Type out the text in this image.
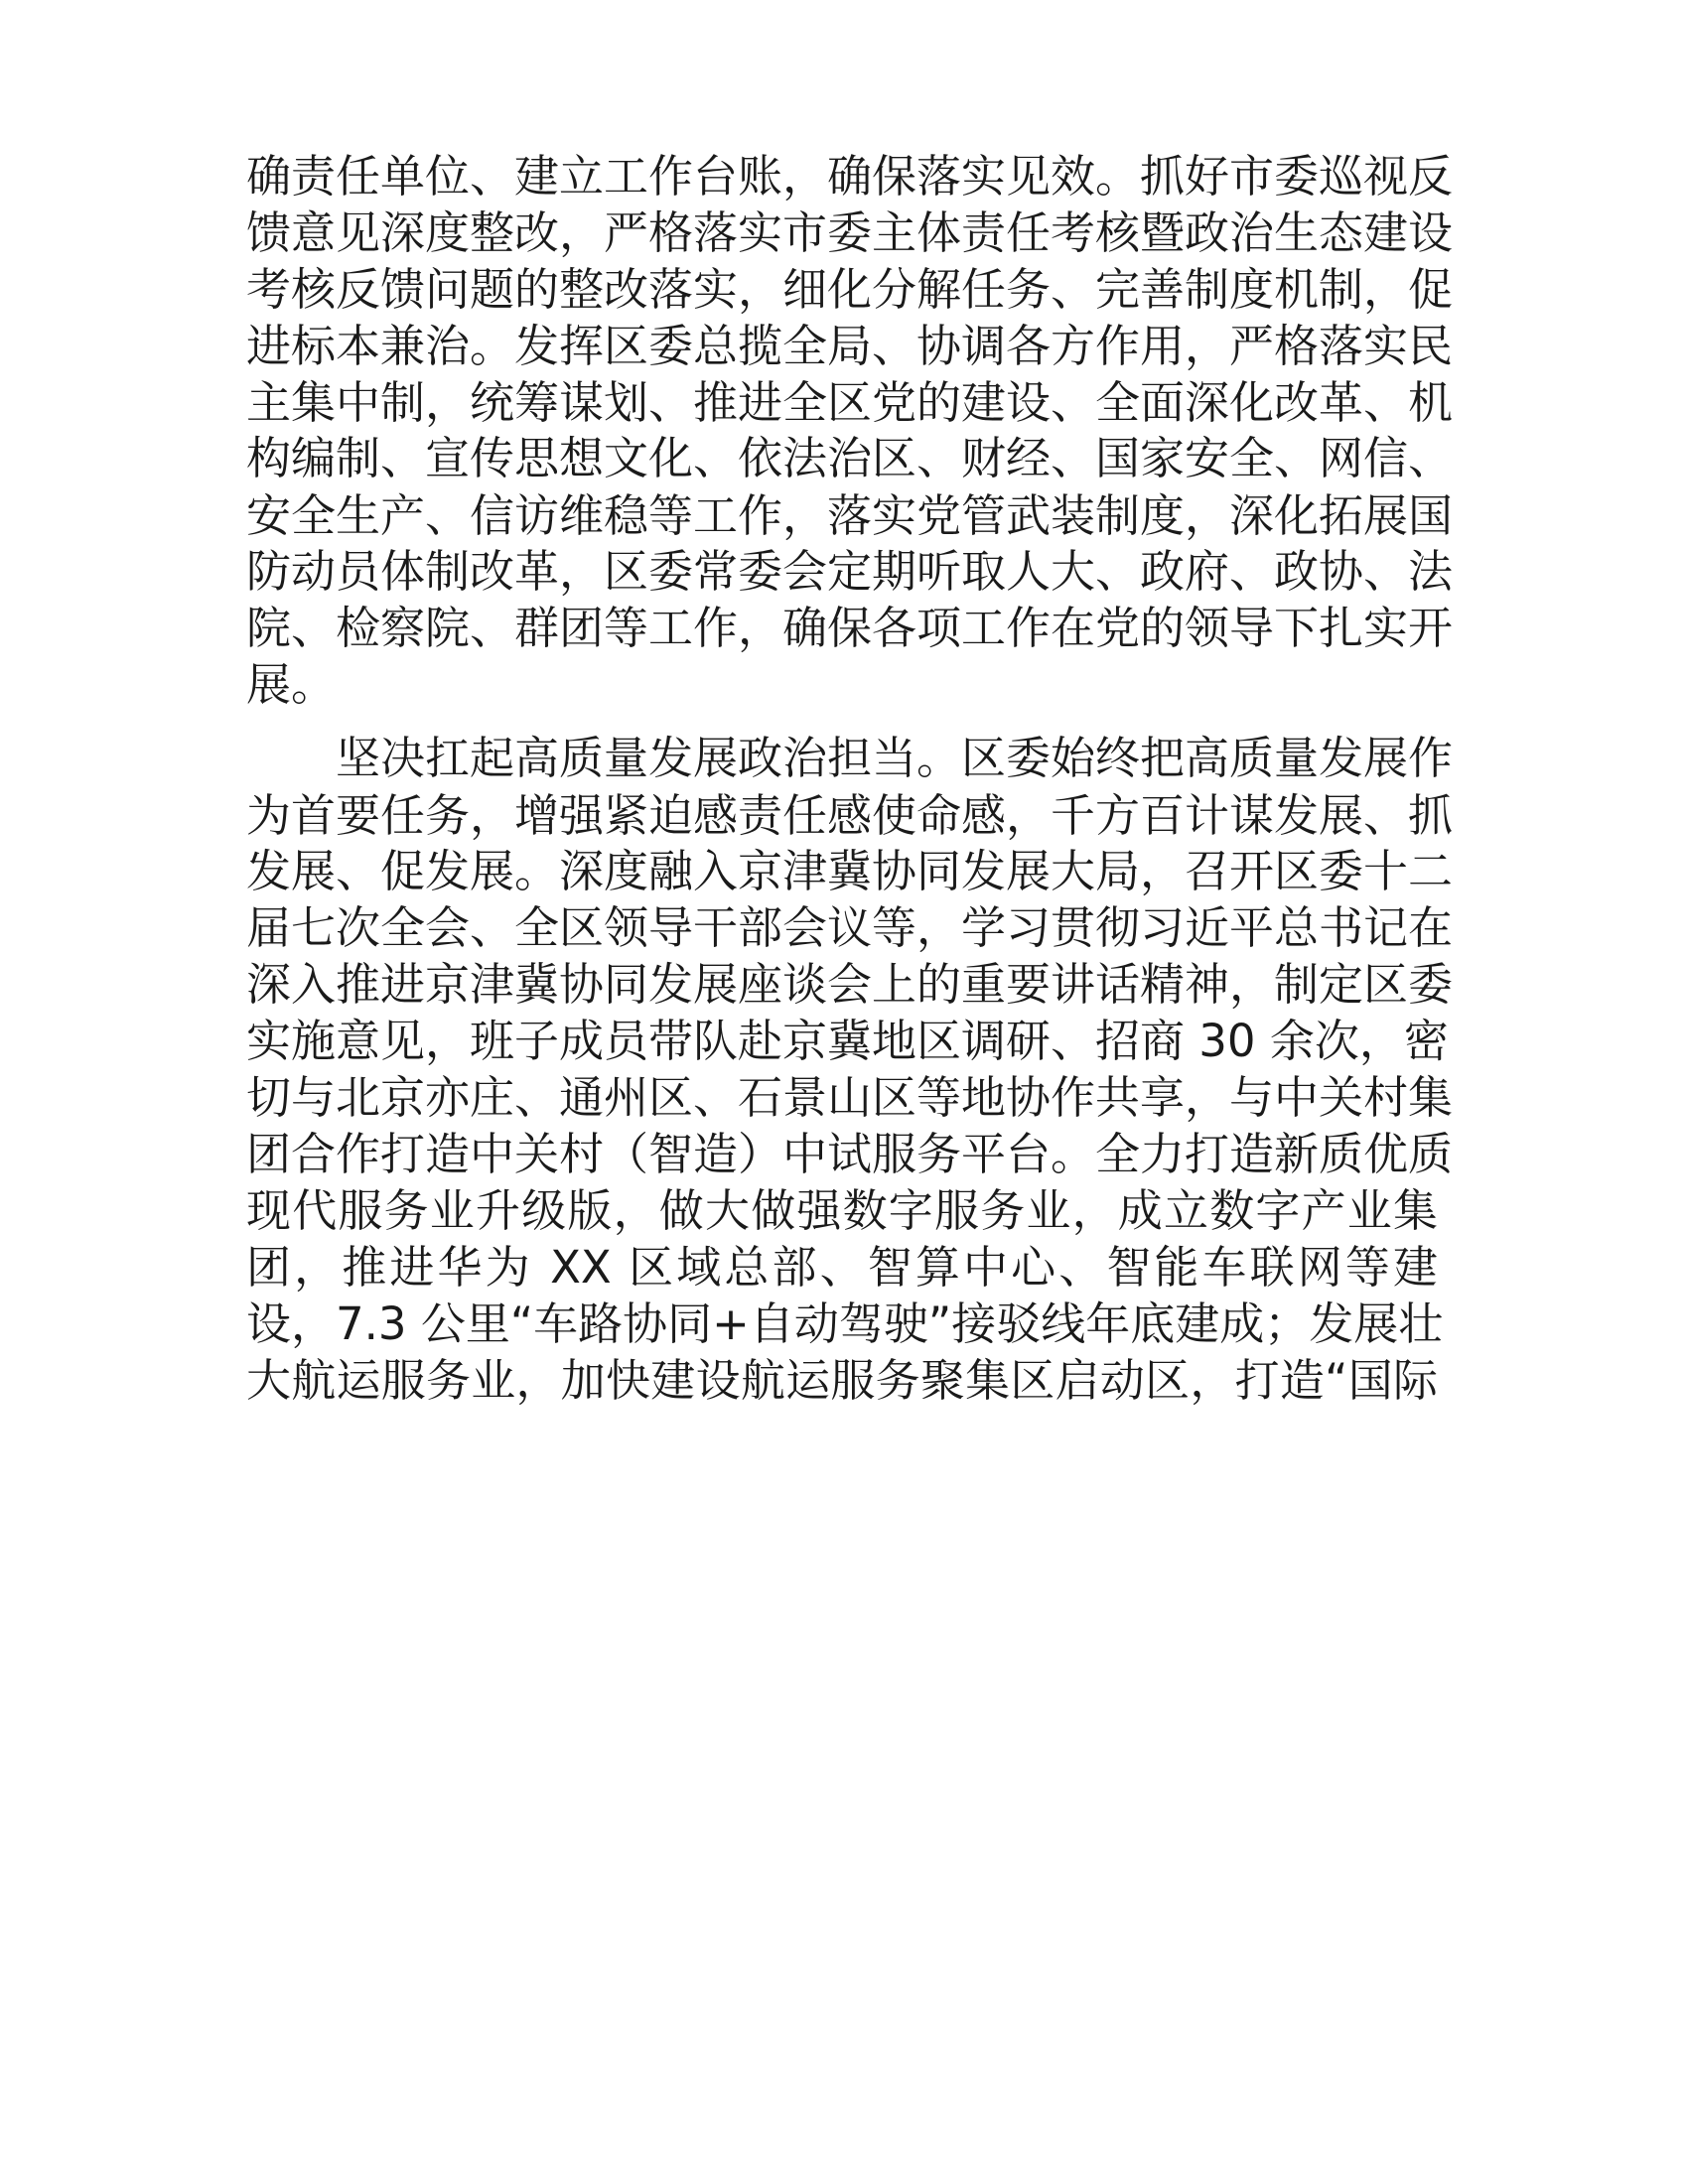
确责任单位、建立工作台账，确保落实见效。抓好市委巡视反
馈意见深度整改，严格落实市委主体责任考核暨政治生态建设
考核反馈问题的整改落实，细化分解任务、完善制度机制，促
进标本兼治。发挥区委总揽全局、协调各方作用，严格落实民
主集中制，统筹谋划、推进全区党的建设、全面深化改革、机
构编制、宣传思想文化、依法治区、财经、国家安全、网信、
安全生产、信访维稳等工作，落实党管武装制度，深化拓展国
防动员体制改革，区委常委会定期听取人大、政府、政协、法
院、检察院、群团等工作，确保各项工作在党的领导下扎实开
展。
坚决扛起高质量发展政治担当。区委始终把高质量发展作
为首要任务，增强紧迫感责任感使命感，千方百计谋发展、抓
发展、促发展。深度融入京津冀协同发展大局，召开区委十二
届七次全会、全区领导干部会议等，学习贯彻习近平总书记在
深入推进京津冀协同发展座谈会上的重要讲话精神，制定区委
实施意见，班子成员带队赴京冀地区调研、招商 30 余次，密
切与北京亦庄、通州区、石景山区等地协作共享，与中关村集
团合作打造中关村（智造）中试服务平台。全力打造新质优质
现代服务业升级版，做大做强数字服务业，成立数字产业集
团，推进华为 XX 区域总部、智算中心、智能车联网等建
设，7.3 公里“车路协同+自动驾驶”接驳线年底建成；发展壮
大航运服务业，加快建设航运服务聚集区启动区，打造“国际
